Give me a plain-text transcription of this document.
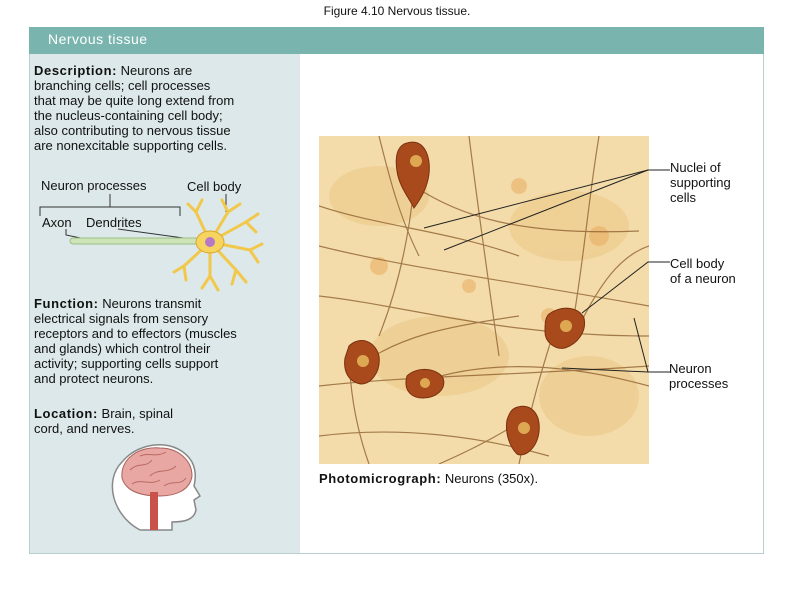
Figure 4.10 Nervous tissue.
Nervous tissue
Description: Neurons are
branching cells; cell processes
that may be quite long extend from
the nucleus-containing cell body;
also contributing to nervous tissue
are nonexcitable supporting cells.
Neuron processes	Cell body
Axon Dendrites
Function: Neurons transmit
electrical signals from sensory
receptors and to effectors (muscles
and glands) which control their
activity; supporting cells support
and protect neurons.
Location: Brain, spinal
cord, and nerves.
Nuclei of
supporting
cells
Cell body
of a neuron
Neuron
processes
Photomicrograph: Neurons (350x).
